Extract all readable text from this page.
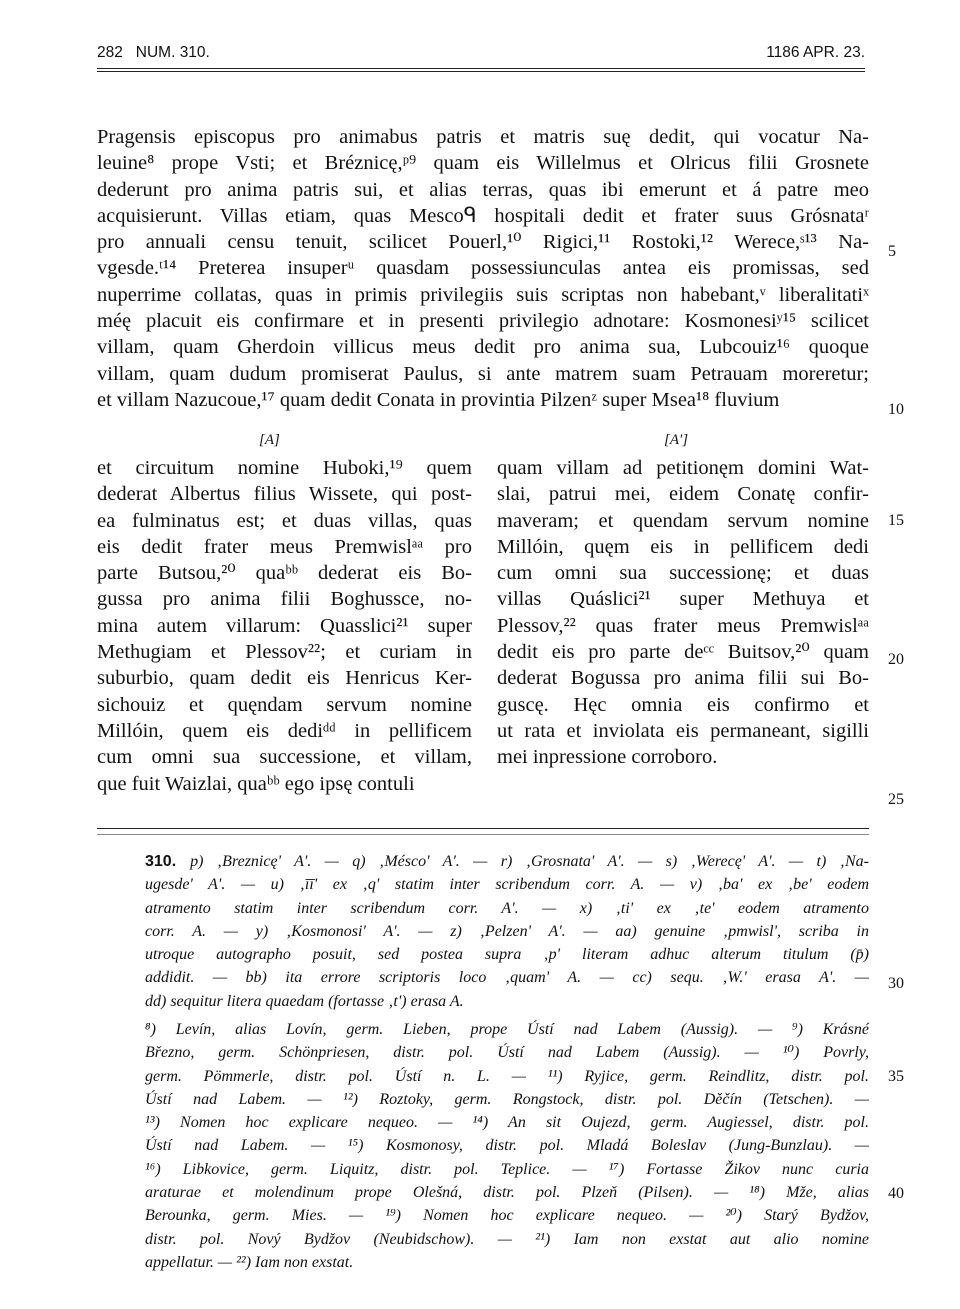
282   NUM. 310.	1186 APR. 23.
Pragensis episcopus pro animabus patris et matris suę dedit, qui vocatur Na-
leuine⁸ prope Vsti; et Bréznicę,ᵖ⁹ quam eis Willelmus et Olricus filii Grosnete
dederunt pro anima patris sui, et alias terras, quas ibi emerunt et á patre meo
acquisierunt. Villas etiam, quas Mescoᑫ hospitali dedit et frater suus Grósnataʳ
pro annuali censu tenuit, scilicet Pouerl,¹⁰ Rigici,¹¹ Rostoki,¹² Werece,ˢ¹³ Na-
vgesde.ᵗ¹⁴ Preterea insuperᵘ quasdam possessiunculas antea eis promissas, sed
nuperrime collatas, quas in primis privilegiis suis scriptas non habebant,ᵛ liberalitatiˣ
méę placuit eis confirmare et in presenti privilegio adnotare: Kosmonesiʸ¹⁵ scilicet
villam, quam Gherdoin villicus meus dedit pro anima sua, Lubcouiz¹⁶ quoque
villam, quam dudum promiserat Paulus, si ante matrem suam Petrauam moreretur;
et villam Nazucoue,¹⁷ quam dedit Conata in provintia Pilzenᶻ super Msea¹⁸ fluvium
5
10
[A]	[A']
et circuitum nomine Huboki,¹⁹ quem
dederat Albertus filius Wissete, qui post-
ea fulminatus est; et duas villas, quas
eis dedit frater meus Premwislᵃᵃ pro
parte Butsou,²⁰ quaᵇᵇ dederat eis Bo-
gussa pro anima filii Boghussce, no-
mina autem villarum: Quasslici²¹ super
Methugiam et Plessov²²; et curiam in
suburbio, quam dedit eis Henricus Ker-
sichouiz et quęndam servum nomine
Millóin, quem eis dediᵈᵈ in pellificem
cum omni sua successione, et villam,
que fuit Waizlai, quaᵇᵇ ego ipsę contuli
quam villam ad petitionęm domini Wat-
slai, patrui mei, eidem Conatę confir-
maveram; et quendam servum nomine
Millóin, quęm eis in pellificem dedi
cum omni sua successionę; et duas
villas Quáslici²¹ super Methuya et
Plessov,²² quas frater meus Premwislᵃᵃ
dedit eis pro parte deᶜᶜ Buitsov,²⁰ quam
dederat Bogussa pro anima filii sui Bo-
guscę. Hęc omnia eis confirmo et
ut rata et inviolata eis permaneant, sigilli
mei inpressione corroboro.
15
20
25
310. p) ‚Breznicę' A'. — q) ‚Mésco' A'. — r) ‚Grosnata' A'. — s) ‚Werecę' A'. — t) ‚Na-
ugesde' A'. — u) ‚īī' ex ‚q' statim inter scribendum corr. A. — v) ‚ba' ex ‚be' eodem
atramento statim inter scribendum corr. A'. — x) ‚ti' ex ‚te' eodem atramento
corr. A. — y) ‚Kosmonosi' A'. — z) ‚Pelzen' A'. — aa) genuine ‚pmwisl', scriba in
utroque autographo posuit, sed postea supra ‚p' literam adhuc alterum titulum (p̄)
addidit. — bb) ita errore scriptoris loco ‚quam' A. — cc) sequ. ‚W.' erasa A'. —
dd) sequitur litera quaedam (fortasse ‚t') erasa A.
30
⁸) Levín, alias Lovín, germ. Lieben, prope Ústí nad Labem (Aussig). — ⁹) Krásné
Březno, germ. Schönpriesen, distr. pol. Ústí nad Labem (Aussig). — ¹⁰) Povrly,
germ. Pömmerle, distr. pol. Ústí n. L. — ¹¹) Ryjice, germ. Reindlitz, distr. pol.
Ústí nad Labem. — ¹²) Roztoky, germ. Rongstock, distr. pol. Děčín (Tetschen). —
¹³) Nomen hoc explicare nequeo. — ¹⁴) An sit Oujezd, germ. Augiessel, distr. pol.
Ústí nad Labem. — ¹⁵) Kosmonosy, distr. pol. Mladá Boleslav (Jung-Bunzlau). —
¹⁶) Libkovice, germ. Liquitz, distr. pol. Teplice. — ¹⁷) Fortasse Žikov nunc curia
araturae et molendinum prope Olešná, distr. pol. Plzeň (Pilsen). — ¹⁸) Mže, alias
Berounka, germ. Mies. — ¹⁹) Nomen hoc explicare nequeo. — ²⁰) Starý Bydžov,
distr. pol. Nový Bydžov (Neubidschow). — ²¹) Iam non exstat aut alio nomine
appellatur. — ²²) Iam non exstat.
35
40
